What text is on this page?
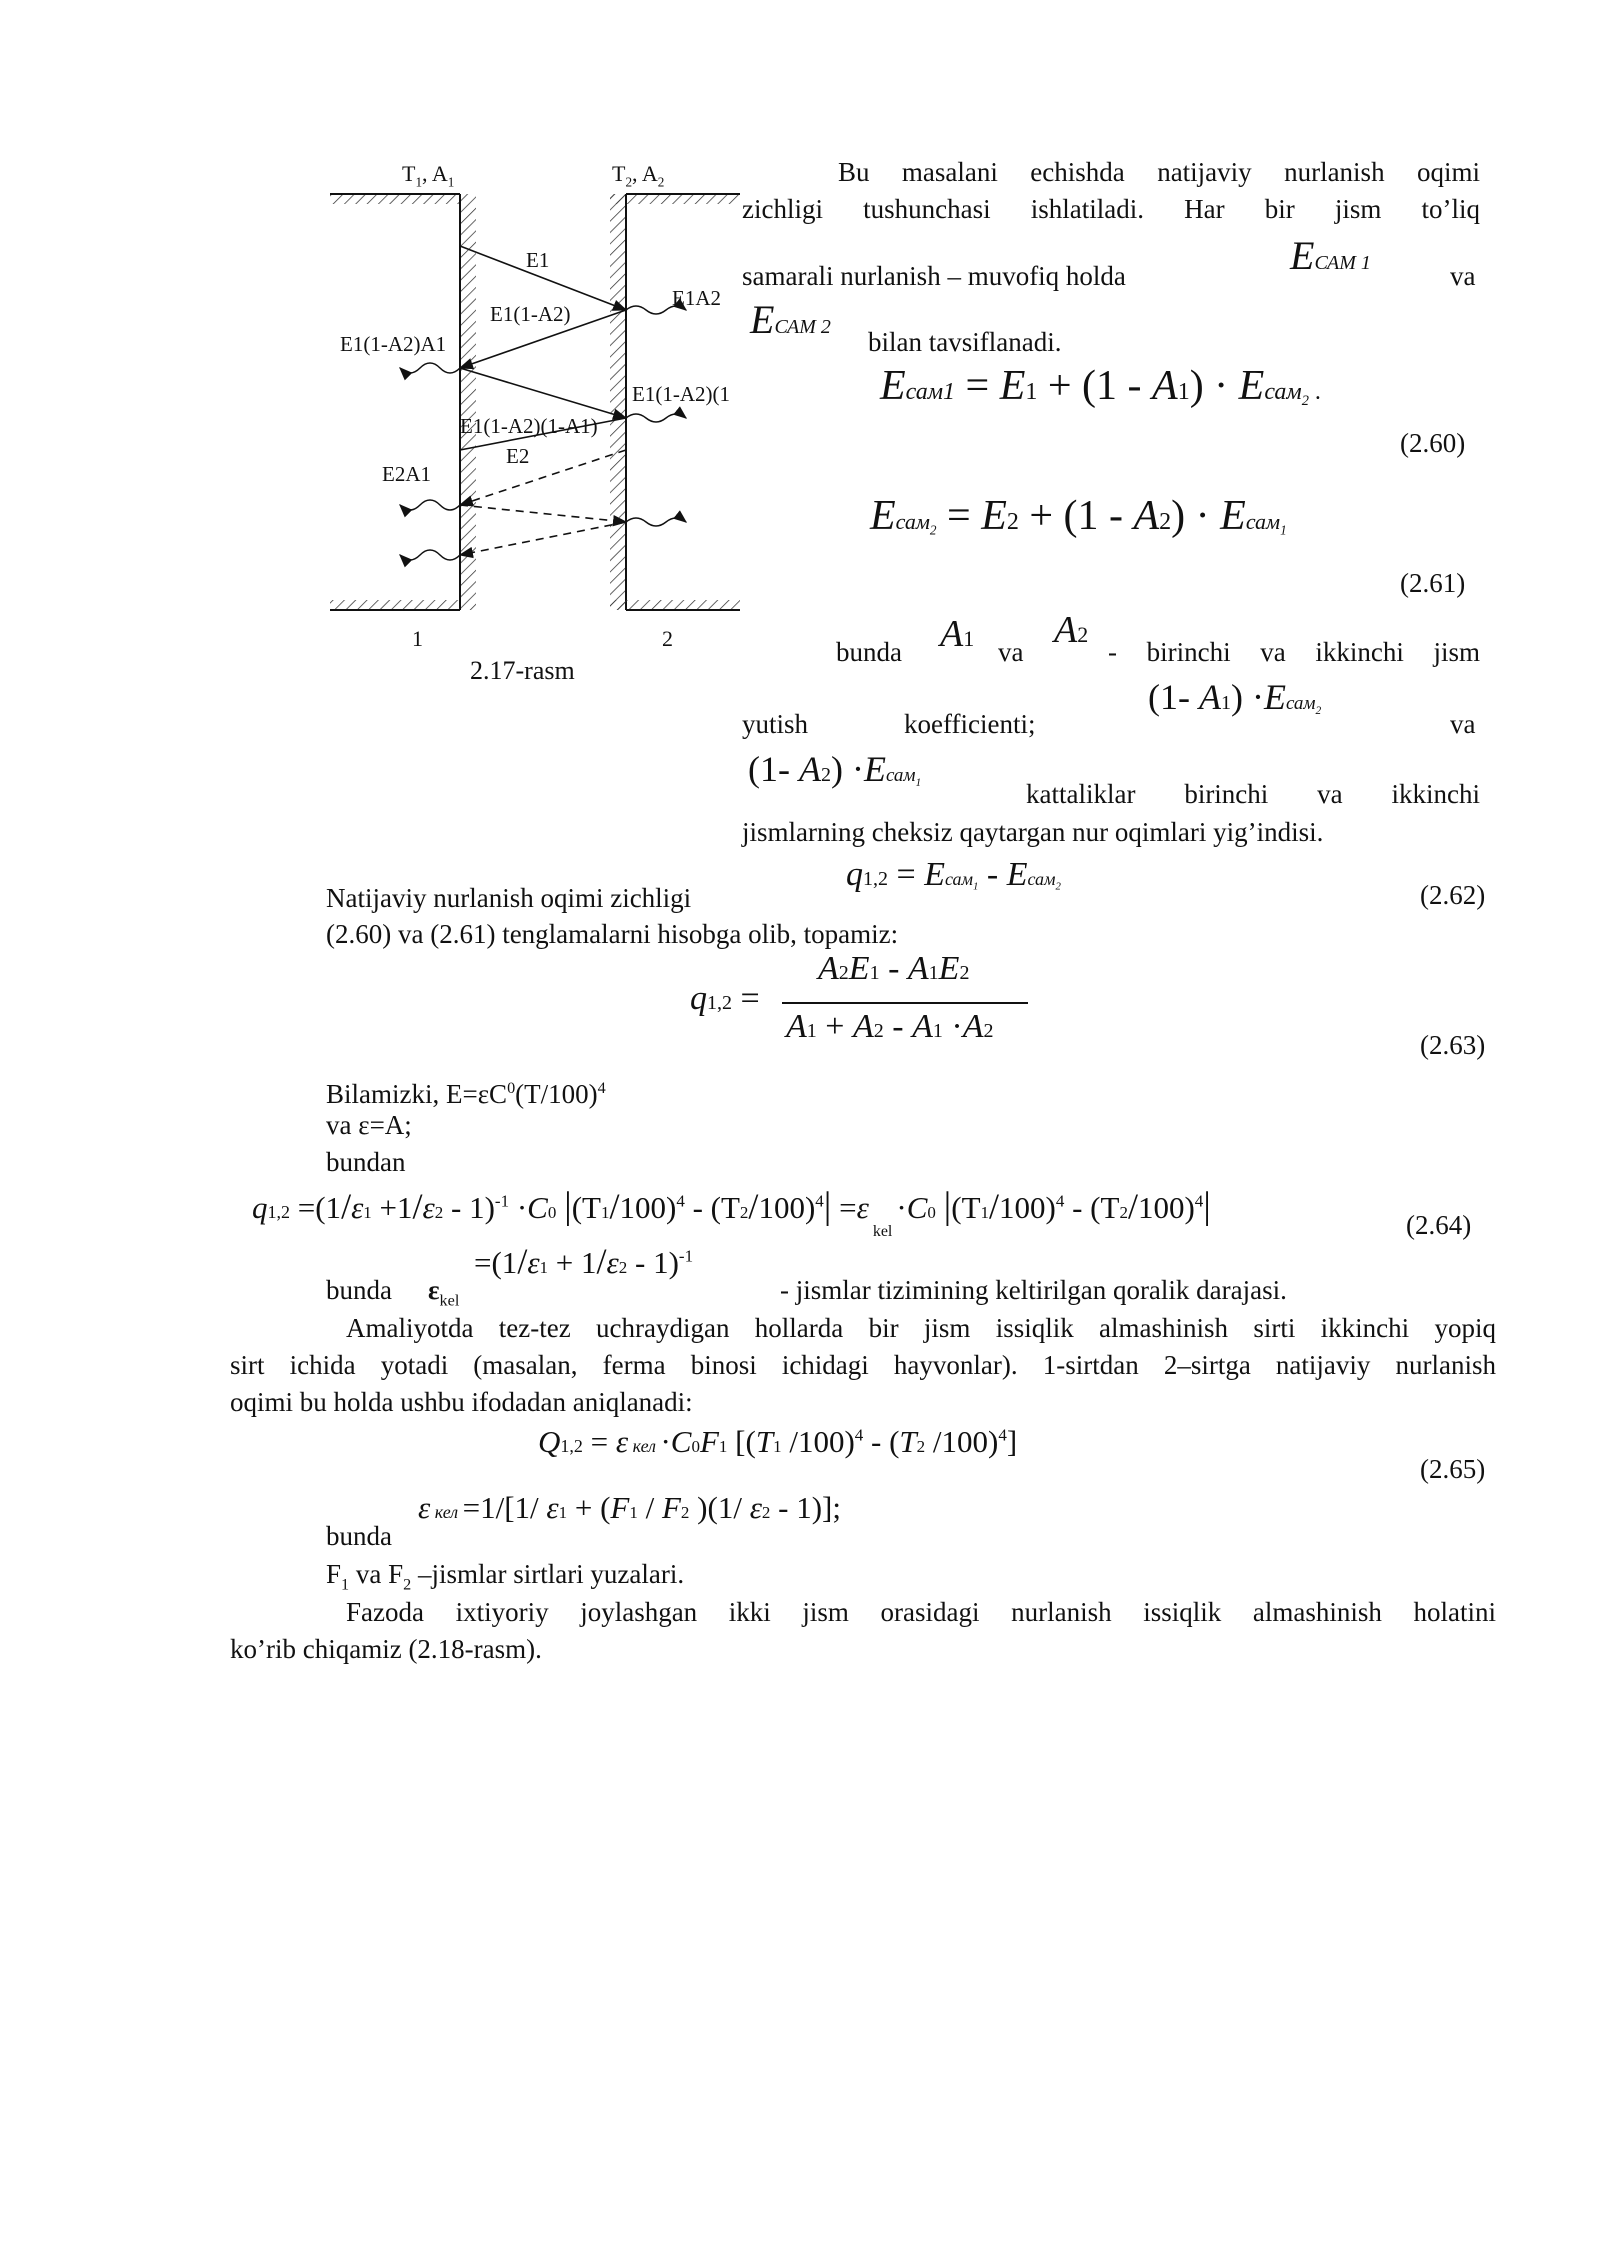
$T_1$, $A_1$	$T_2$, $A_2$
E1
E1(1-A2)
E1A2
E1(1-A2)A1
E1(1-A2)(1
E1(1-A2)(1-A1)
E2
E2A1
1	2
2.17-rasm
Bu masalani echishda natijaviy nurlanish oqimi
zichligi tushunchasi ishlatiladi. Har bir jism to’liq
samarali nurlanish – muvofiq holda	EСАМ 1	va
EСАМ 2 bilan tavsiflanadi.
Eсам1 = E1 + (1 - A1) · Eсам$_2$ .
(2.60)
Eсам$_2$ = E2 + (1 - A2) · Eсам$_1$
(2.61)
bunda A1 va
A2
- birinchi va ikkinchi jism
yutish	koefficienti;
(1- A1) ·Eсам$_2$	va
(1- A2) ·Eсам$_1$	kattaliklar birinchi va ikkinchi
jismlarning cheksiz qaytargan nur oqimlari yig’indisi.
Natijaviy nurlanish oqimi zichligi
q1,2 = Eсам$_1$ - Eсам$_2$	(2.62)
(2.60) va (2.61) tenglamalarni hisobga olib, topamiz:
q1,2 =
A2E1 - A1E2
A1 + A2 - A1 ·A2	(2.63)
Bilamizki, $E=\varepsilon C^0(T/100)^4$
va ε=A;
bundan
$q1,2 =(1/\varepsilon 1 +1/\varepsilon 2 - 1)^{-1} \cdot C0$ $|(T1/100)^4 - (T2/100)^4| =\varepsilon$ $_{kel}$ ·C0 $|(T1/100)^4 - (T2/100)^4|$	(2.64)
bunda $\varepsilon_{kel}$
$=(1/\varepsilon 1 + 1/\varepsilon 2 - 1)^{-1}$
- jismlar tizimining keltirilgan qoralik darajasi.
Amaliyotda tez-tez uchraydigan hollarda bir jism issiqlik almashinish sirti ikkinchi yopiq
sirt ichida yotadi (masalan, ferma binosi ichidagi hayvonlar). 1-sirtdan 2–sirtga natijaviy nurlanish
oqimi bu holda ushbu ifodadan aniqlanadi:
Q1,2 = ε кел ·C0F1 [(T1 /100)$^4$ - (T2 /100)$^4$]
(2.65)
bunda
ε кел =1/[1/ ε1 + (F1 / F2 )(1/ ε2 - 1)];
$F_1$ va $F_2$ –jismlar sirtlari yuzalari.
Fazoda ixtiyoriy joylashgan ikki jism orasidagi nurlanish issiqlik almashinish holatini
ko’rib chiqamiz (2.18-rasm).
